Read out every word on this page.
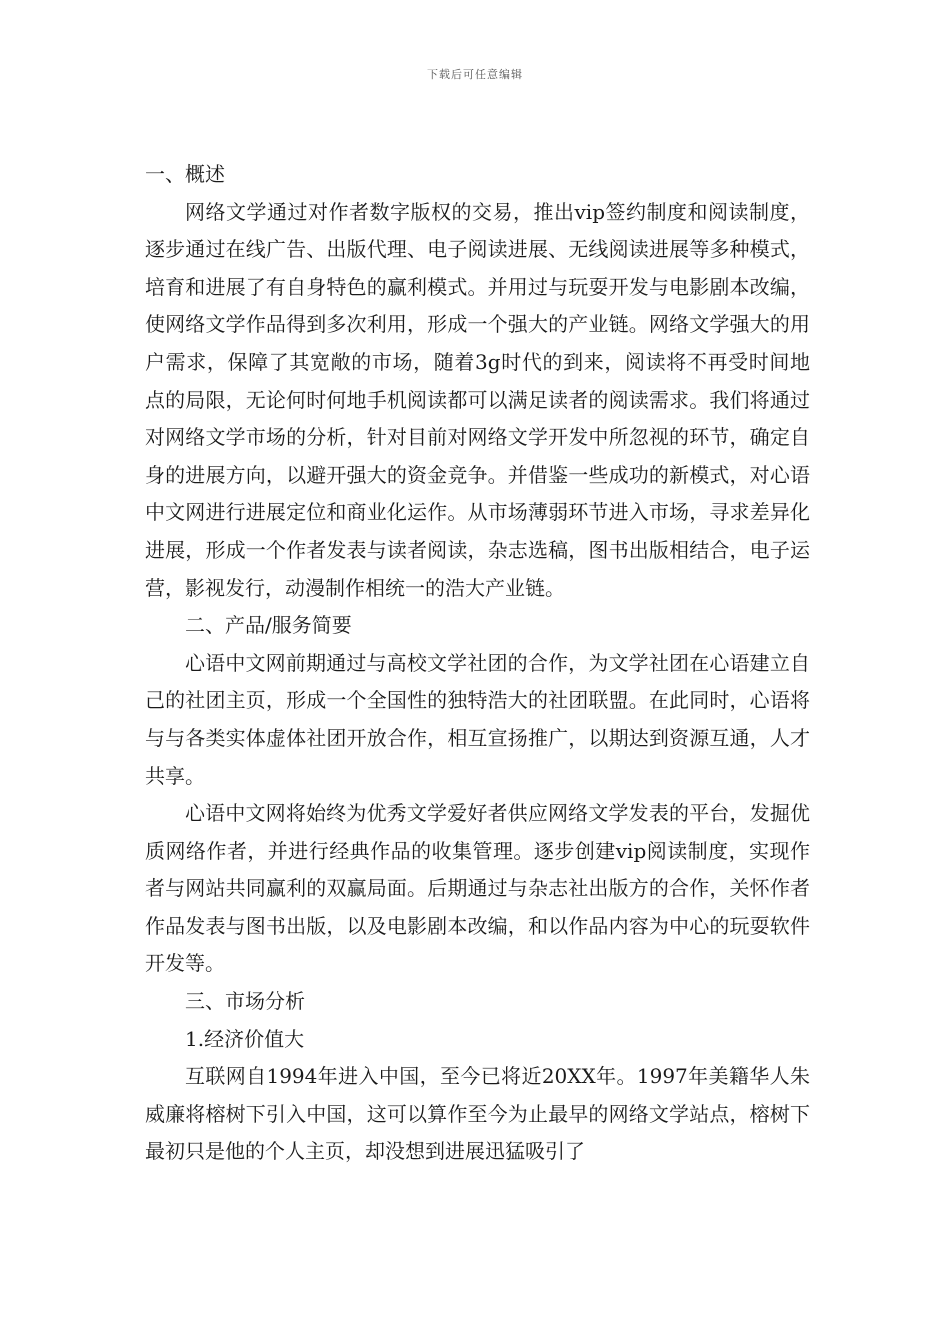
下载后可任意编辑

一、概述

网络文学通过对作者数字版权的交易，推出vip签约制度和阅读制度，逐步通过在线广告、出版代理、电子阅读进展、无线阅读进展等多种模式，培育和进展了有自身特色的赢利模式。并用过与玩耍开发与电影剧本改编，使网络文学作品得到多次利用，形成一个强大的产业链。网络文学强大的用户需求，保障了其宽敞的市场，随着3g时代的到来，阅读将不再受时间地点的局限，无论何时何地手机阅读都可以满足读者的阅读需求。我们将通过对网络文学市场的分析，针对目前对网络文学开发中所忽视的环节，确定自身的进展方向，以避开强大的资金竞争。并借鉴一些成功的新模式，对心语中文网进行进展定位和商业化运作。从市场薄弱环节进入市场，寻求差异化进展，形成一个作者发表与读者阅读，杂志选稿，图书出版相结合，电子运营，影视发行，动漫制作相统一的浩大产业链。

二、产品/服务简要

心语中文网前期通过与高校文学社团的合作，为文学社团在心语建立自己的社团主页，形成一个全国性的独特浩大的社团联盟。在此同时，心语将与与各类实体虚体社团开放合作，相互宣扬推广，以期达到资源互通，人才共享。

心语中文网将始终为优秀文学爱好者供应网络文学发表的平台，发掘优质网络作者，并进行经典作品的收集管理。逐步创建vip阅读制度，实现作者与网站共同赢利的双赢局面。后期通过与杂志社出版方的合作，关怀作者作品发表与图书出版，以及电影剧本改编，和以作品内容为中心的玩耍软件开发等。

三、市场分析

1.经济价值大

互联网自1994年进入中国，至今已将近20XX年。1997年美籍华人朱威廉将榕树下引入中国，这可以算作至今为止最早的网络文学站点，榕树下最初只是他的个人主页，却没想到进展迅猛吸引了
